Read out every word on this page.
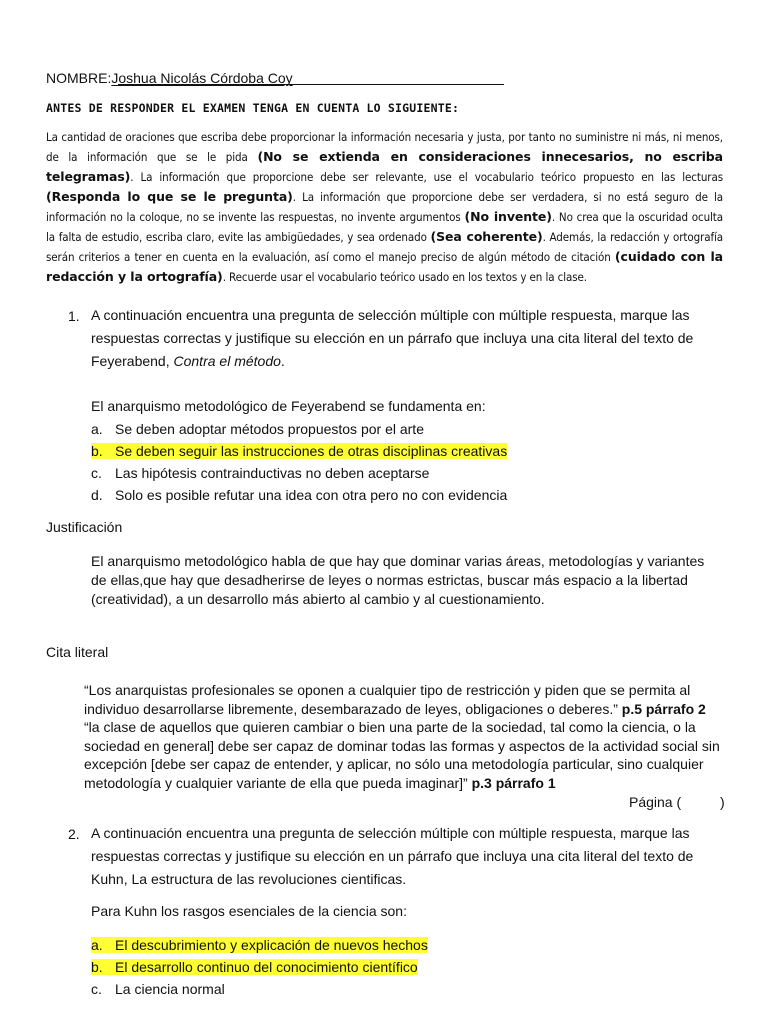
NOMBRE:Joshua Nicolás Córdoba Coy
ANTES DE RESPONDER EL EXAMEN TENGA EN CUENTA LO SIGUIENTE:
La cantidad de oraciones que escriba debe proporcionar la información necesaria y justa, por tanto no suministre ni más, ni menos, de la información que se le pida (No se extienda en consideraciones innecesarios, no escriba telegramas). La información que proporcione debe ser relevante, use el vocabulario teórico propuesto en las lecturas (Responda lo que se le pregunta). La información que proporcione debe ser verdadera, si no está seguro de la información no la coloque, no se invente las respuestas, no invente argumentos (No invente). No crea que la oscuridad oculta la falta de estudio, escriba claro, evite las ambigüedades, y sea ordenado (Sea coherente). Además, la redacción y ortografía serán criterios a tener en cuenta en la evaluación, así como el manejo preciso de algún método de citación (cuidado con la redacción y la ortografía). Recuerde usar el vocabulario teórico usado en los textos y en la clase.
1. A continuación encuentra una pregunta de selección múltiple con múltiple respuesta, marque las respuestas correctas y justifique su elección en un párrafo que incluya una cita literal del texto de Feyerabend, Contra el método.
El anarquismo metodológico de Feyerabend se fundamenta en:
a. Se deben adoptar métodos propuestos por el arte
b. Se deben seguir las instrucciones de otras disciplinas creativas
c. Las hipótesis contrainductivas no deben aceptarse
d. Solo es posible refutar una idea con otra pero no con evidencia
Justificación
El anarquismo metodológico habla de que hay que dominar varias áreas, metodologías y variantes de ellas,que hay que desadherirse de leyes o normas estrictas, buscar más espacio a la libertad (creatividad), a un desarrollo más abierto al cambio y al cuestionamiento.
Cita literal
“Los anarquistas profesionales se oponen a cualquier tipo de restricción y piden que se permita al individuo desarrollarse libremente, desembarazado de leyes, obligaciones o deberes.” p.5 párrafo 2
“la clase de aquellos que quieren cambiar o bien una parte de la sociedad, tal como la ciencia, o la sociedad en general] debe ser capaz de dominar todas las formas y aspectos de la actividad social sin excepción [debe ser capaz de entender, y aplicar, no sólo una metodología particular, sino cualquier metodología y cualquier variante de ella que pueda imaginar]” p.3 párrafo 1
Página (          )
2. A continuación encuentra una pregunta de selección múltiple con múltiple respuesta, marque las respuestas correctas y justifique su elección en un párrafo que incluya una cita literal del texto de Kuhn, La estructura de las revoluciones cientificas.
Para Kuhn los rasgos esenciales de la ciencia son:
a. El descubrimiento y explicación de nuevos hechos
b. El desarrollo continuo del conocimiento científico
c. La ciencia normal
